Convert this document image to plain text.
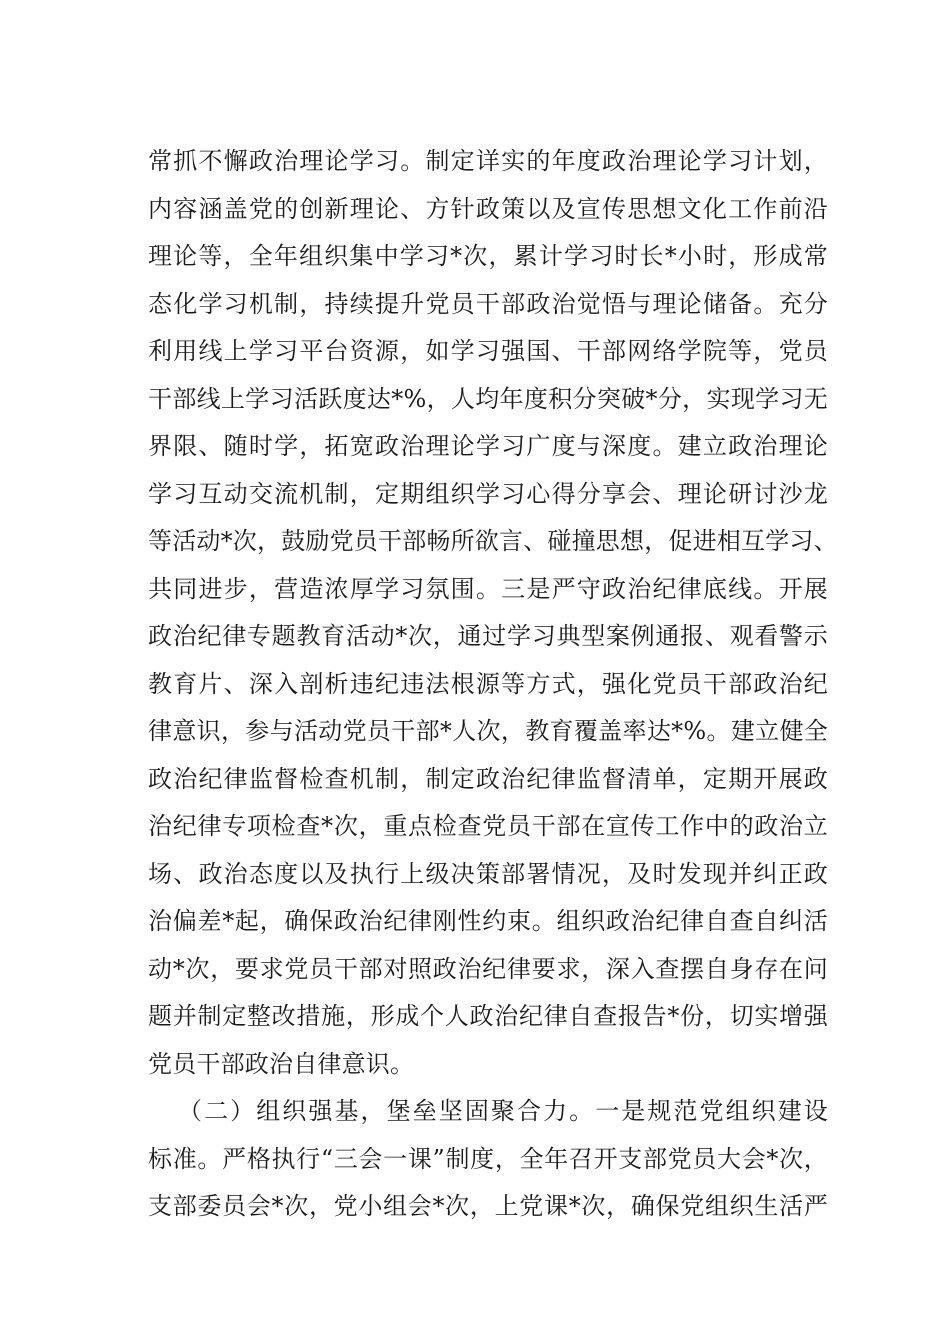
常抓不懈政治理论学习。制定详实的年度政治理论学习计划，
内容涵盖党的创新理论、方针政策以及宣传思想文化工作前沿
理论等，全年组织集中学习*次，累计学习时长*小时，形成常
态化学习机制，持续提升党员干部政治觉悟与理论储备。充分
利用线上学习平台资源，如学习强国、干部网络学院等，党员
干部线上学习活跃度达*%，人均年度积分突破*分，实现学习无
界限、随时学，拓宽政治理论学习广度与深度。建立政治理论
学习互动交流机制，定期组织学习心得分享会、理论研讨沙龙
等活动*次，鼓励党员干部畅所欲言、碰撞思想，促进相互学习、
共同进步，营造浓厚学习氛围。三是严守政治纪律底线。开展
政治纪律专题教育活动*次，通过学习典型案例通报、观看警示
教育片、深入剖析违纪违法根源等方式，强化党员干部政治纪
律意识，参与活动党员干部*人次，教育覆盖率达*%。建立健全
政治纪律监督检查机制，制定政治纪律监督清单，定期开展政
治纪律专项检查*次，重点检查党员干部在宣传工作中的政治立
场、政治态度以及执行上级决策部署情况，及时发现并纠正政
治偏差*起，确保政治纪律刚性约束。组织政治纪律自查自纠活
动*次，要求党员干部对照政治纪律要求，深入查摆自身存在问
题并制定整改措施，形成个人政治纪律自查报告*份，切实增强
党员干部政治自律意识。
（二）组织强基，堡垒坚固聚合力。一是规范党组织建设
标准。严格执行“三会一课”制度，全年召开支部党员大会*次，
支部委员会*次，党小组会*次，上党课*次，确保党组织生活严
